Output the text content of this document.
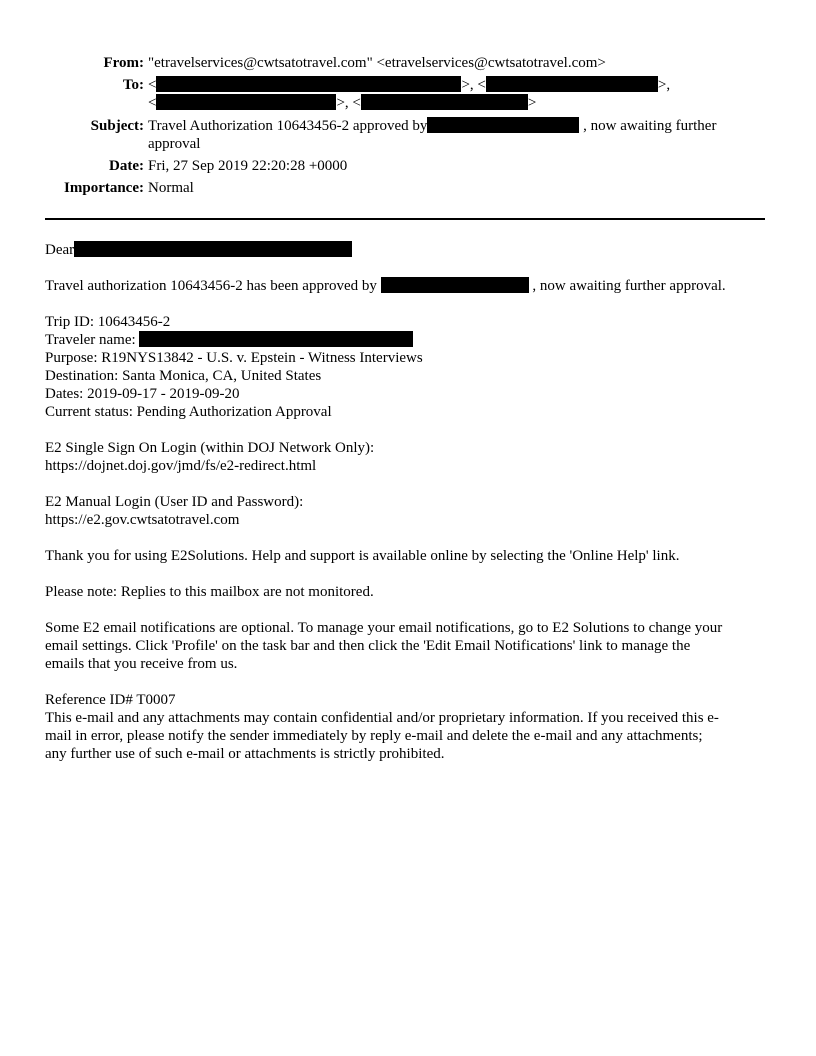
From: "etravelservices@cwtsatotravel.com" <etravelservices@cwtsatotravel.com>
To: <	>, <	>,
<	>, <	>
Subject: Travel Authorization 10643456-2 approved by	, now awaiting further
approval
Date: Fri, 27 Sep 2019 22:20:28 +0000
Importance: Normal
Dear
Travel authorization 10643456-2 has been approved by	, now awaiting further approval.
Trip ID: 10643456-2
Traveler name:
Purpose: R19NYS13842 - U.S. v. Epstein - Witness Interviews
Destination: Santa Monica, CA, United States
Dates: 2019-09-17 - 2019-09-20
Current status: Pending Authorization Approval
E2 Single Sign On Login (within DOJ Network Only):
https://dojnet.doj.gov/jmd/fs/e2-redirect.html
E2 Manual Login (User ID and Password):
https://e2.gov.cwtsatotravel.com
Thank you for using E2Solutions. Help and support is available online by selecting the 'Online Help' link.
Please note: Replies to this mailbox are not monitored.
Some E2 email notifications are optional. To manage your email notifications, go to E2 Solutions to change your
email settings. Click 'Profile' on the task bar and then click the 'Edit Email Notifications' link to manage the
emails that you receive from us.
Reference ID# T0007
This e-mail and any attachments may contain confidential and/or proprietary information. If you received this e-
mail in error, please notify the sender immediately by reply e-mail and delete the e-mail and any attachments;
any further use of such e-mail or attachments is strictly prohibited.
